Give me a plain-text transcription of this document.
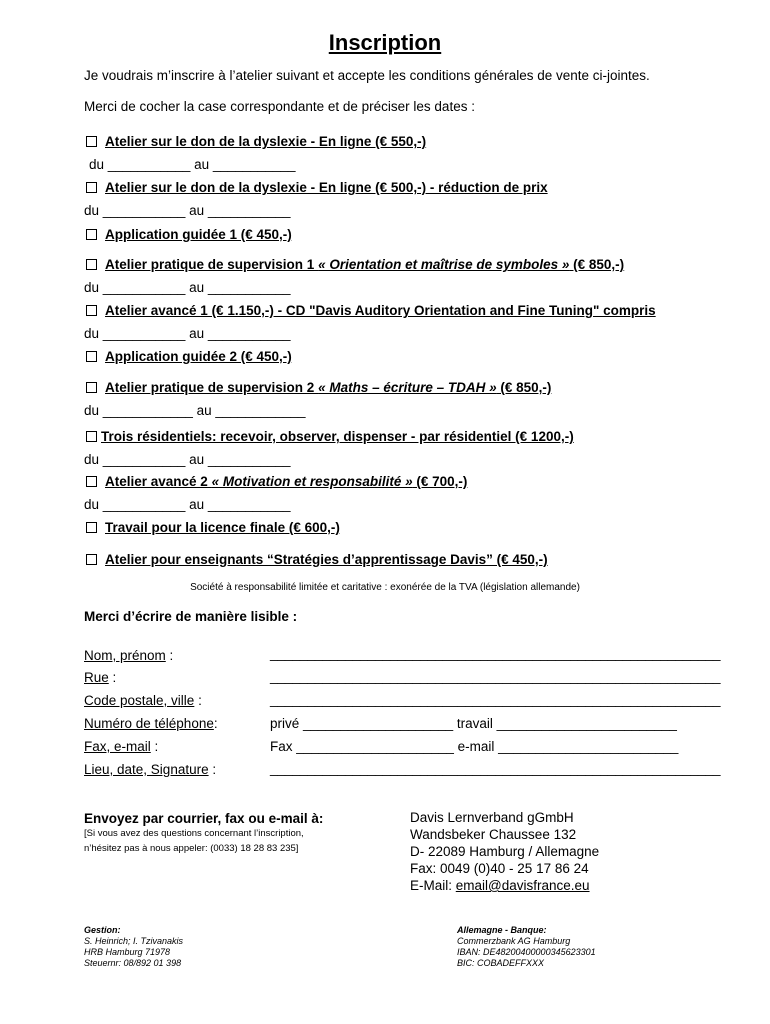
Inscription
Je voudrais m’inscrire à l’atelier suivant et accepte les conditions générales de vente ci-jointes.
Merci de cocher la case correspondante et de préciser les dates :
Atelier sur le don de la dyslexie - En ligne (€ 550,-)
du ___________ au ___________
Atelier sur le don de la dyslexie - En ligne (€ 500,-) - réduction de prix
du ___________ au ___________
Application guidée 1 (€ 450,-)
Atelier pratique de supervision 1 « Orientation et maîtrise de symboles » (€ 850,-)
du ___________ au ___________
Atelier avancé 1 (€ 1.150,-) - CD "Davis Auditory Orientation and Fine Tuning" compris
du ___________ au ___________
Application guidée 2 (€ 450,-)
Atelier pratique de supervision 2 « Maths – écriture – TDAH » (€ 850,-)
du ____________ au ____________
Trois résidentiels: recevoir, observer, dispenser - par résidentiel (€ 1200,-)
du ___________ au ___________
Atelier avancé 2 « Motivation et responsabilité » (€ 700,-)
du ___________ au ___________
Travail pour la licence finale (€ 600,-)
Atelier pour enseignants “Stratégies d’apprentissage Davis” (€ 450,-)
Société à responsabilité limitée et caritative : exonérée de la TVA (législation allemande)
Merci d’écrire de manière lisible :
Nom, prénom :	____________________________________________________________
Rue :	____________________________________________________________
Code postale, ville :	____________________________________________________________
Numéro de téléphone:	privé ____________________ travail ________________________
Fax, e-mail :	Fax _____________________ e-mail ________________________
Lieu, date, Signature :	____________________________________________________________
Envoyez par courrier, fax ou e-mail à:
[Si vous avez des questions concernant l’inscription,
n’hésitez pas à nous appeler: (0033) 18 28 83 235]
Davis Lernverband gGmbH
Wandsbeker Chaussee 132
D- 22089 Hamburg / Allemagne
Fax: 0049 (0)40 - 25 17 86 24
E-Mail: email@davisfrance.eu
Gestion:
S. Heinrich; I. Tzivanakis
HRB Hamburg 71978
Steuernr: 08/892 01 398
Allemagne - Banque:
Commerzbank AG Hamburg
IBAN: DE48200400000345623301
BIC: COBADEFFXXX
